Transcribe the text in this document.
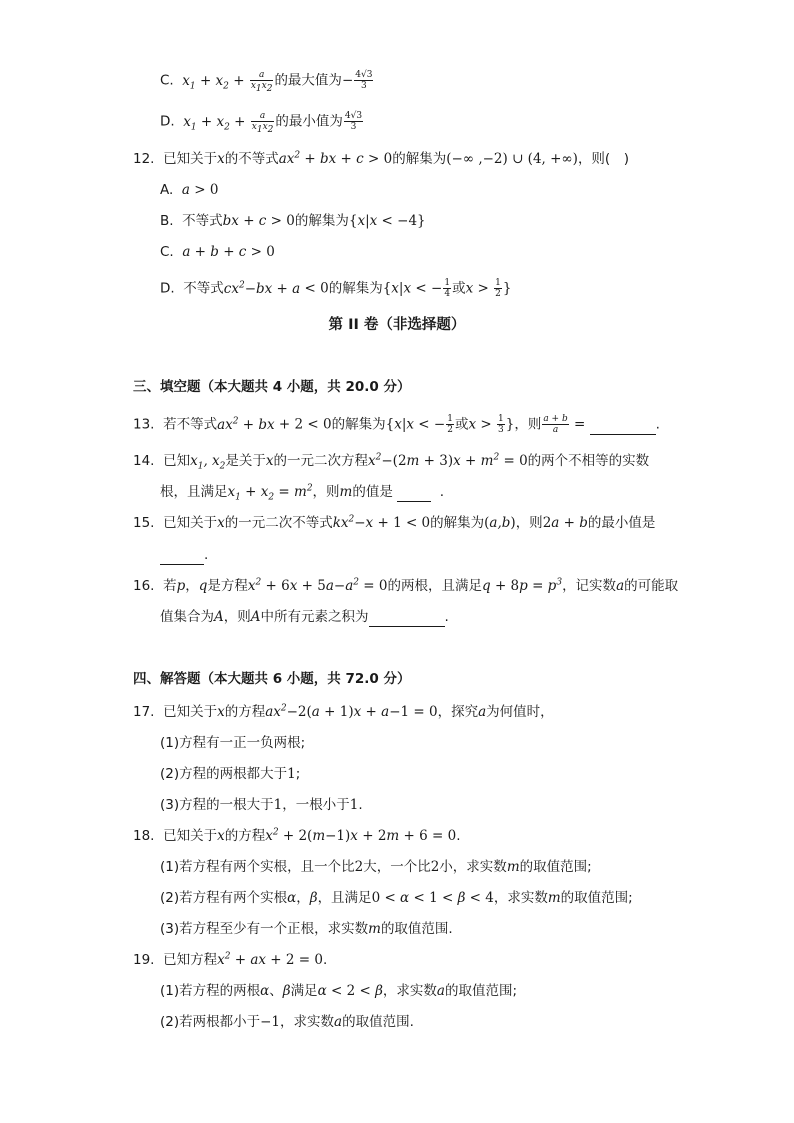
C.  $x_1 + x_2 + \frac{a}{x_1x_2}$ 的最大值为− $\frac{4√3}{3}$
D.  $x_1 + x_2 + \frac{a}{x_1x_2}$ 的最小值为 $\frac{4√3}{3}$
12. 已知关于x的不等式$ax^2$ + bx + c > 0的解集为(−∞ ,−2) ∪ (4, +∞)，则(　)
A. a > 0
B. 不等式bx + c > 0的解集为{x|x < −4}
C. a + b + c > 0
D. 不等式$cx^2-bx + a < 0$的解集为{x|x < − $\frac{1}{4}$ 或$x > \frac{1}{2}$ }
第 II 卷（非选择题）
三、填空题（本大题共 4 小题，共 20.0 分）
13. 若不等式$ax^2$ + bx + 2 < 0的解集为{x|x < − $\frac{1}{2}$ 或$x > \frac{1}{3}$ }，则 $\frac{a + b}{a}$ =	.
14. 已知$x_1$, $x_2$是关于x的一元二次方程$x^2-(2m + 3)x + m^2 = 0$的两个不相等的实数
根，且满足$x_1 + x_2 = m^2$，则m的值是	.
15. 已知关于x的一元二次不等式$kx^2-x + 1 < 0$的解集为(a,b)，则2a + b的最小值是
.
16. 若p，q是方程$x^2 + 6x + 5a-a^2 = 0$的两根，且满足$q + 8p = p^3$，记实数a的可能取
值集合为A，则A中所有元素之积为	.
四、解答题（本大题共 6 小题，共 72.0 分）
17. 已知关于x的方程$ax^2-2(a + 1)x + a-1 = 0$，探究a为何值时，
(1)方程有一正一负两根;
(2)方程的两根都大于1;
(3)方程的一根大于1，一根小于1.
18. 已知关于x的方程$x^2 + 2(m-1)x + 2m + 6 = 0$.
(1)若方程有两个实根，且一个比2大，一个比2小，求实数m的取值范围;
(2)若方程有两个实根α，β，且满足0 < α < 1 < β < 4，求实数m的取值范围;
(3)若方程至少有一个正根，求实数m的取值范围.
19. 已知方程$x^2$ + ax + 2 = 0.
(1)若方程的两根α、β满足α < 2 < β，求实数a的取值范围;
(2)若两根都小于−1，求实数a的取值范围.
